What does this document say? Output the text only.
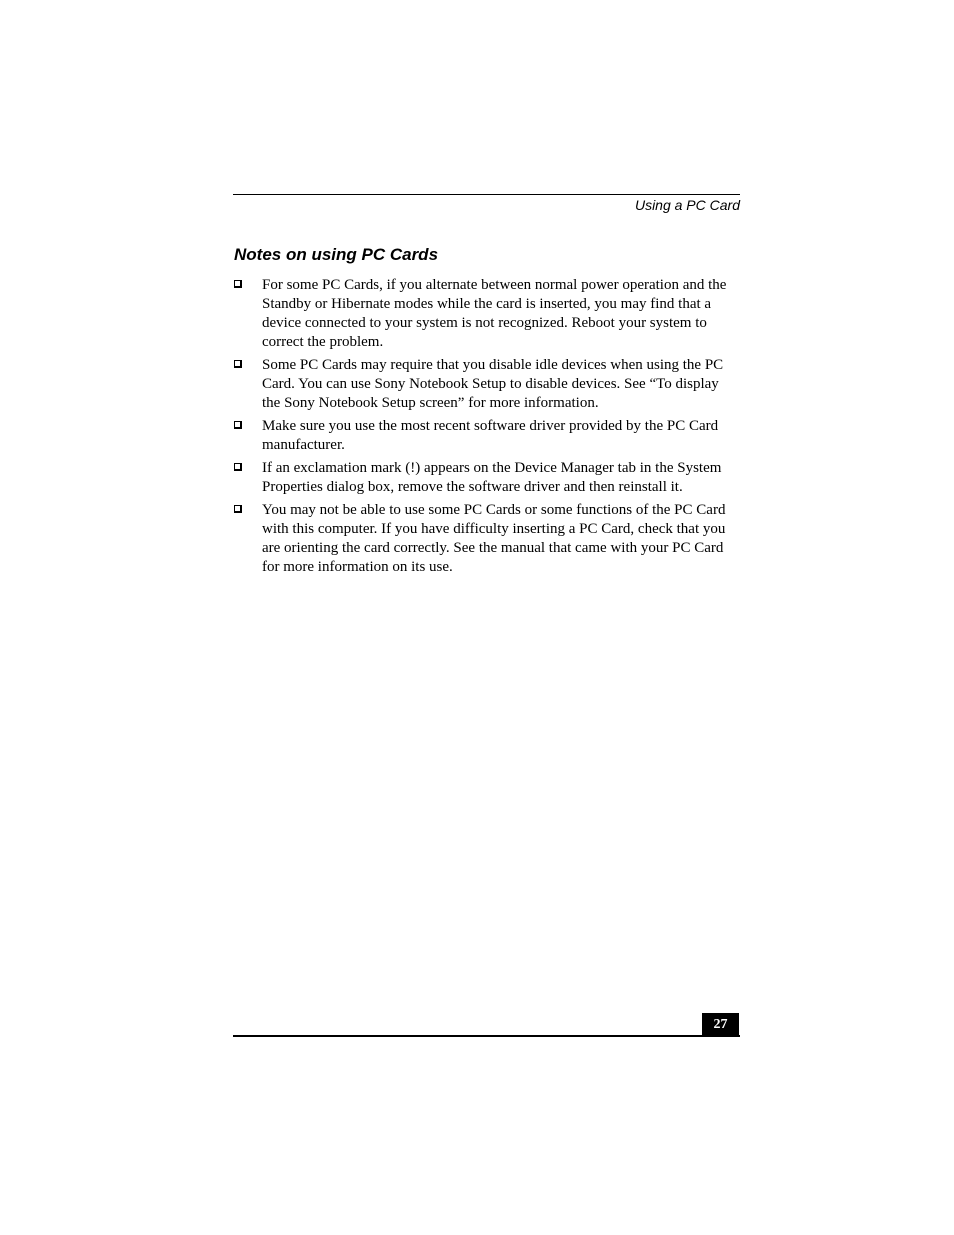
Using a PC Card
Notes on using PC Cards
For some PC Cards, if you alternate between normal power operation and the Standby or Hibernate modes while the card is inserted, you may find that a device connected to your system is not recognized. Reboot your system to correct the problem.
Some PC Cards may require that you disable idle devices when using the PC Card. You can use Sony Notebook Setup to disable devices. See “To display the Sony Notebook Setup screen” for more information.
Make sure you use the most recent software driver provided by the PC Card manufacturer.
If an exclamation mark (!) appears on the Device Manager tab in the System Properties dialog box, remove the software driver and then reinstall it.
You may not be able to use some PC Cards or some functions of the PC Card with this computer. If you have difficulty inserting a PC Card, check that you are orienting the card correctly. See the manual that came with your PC Card for more information on its use.
27
